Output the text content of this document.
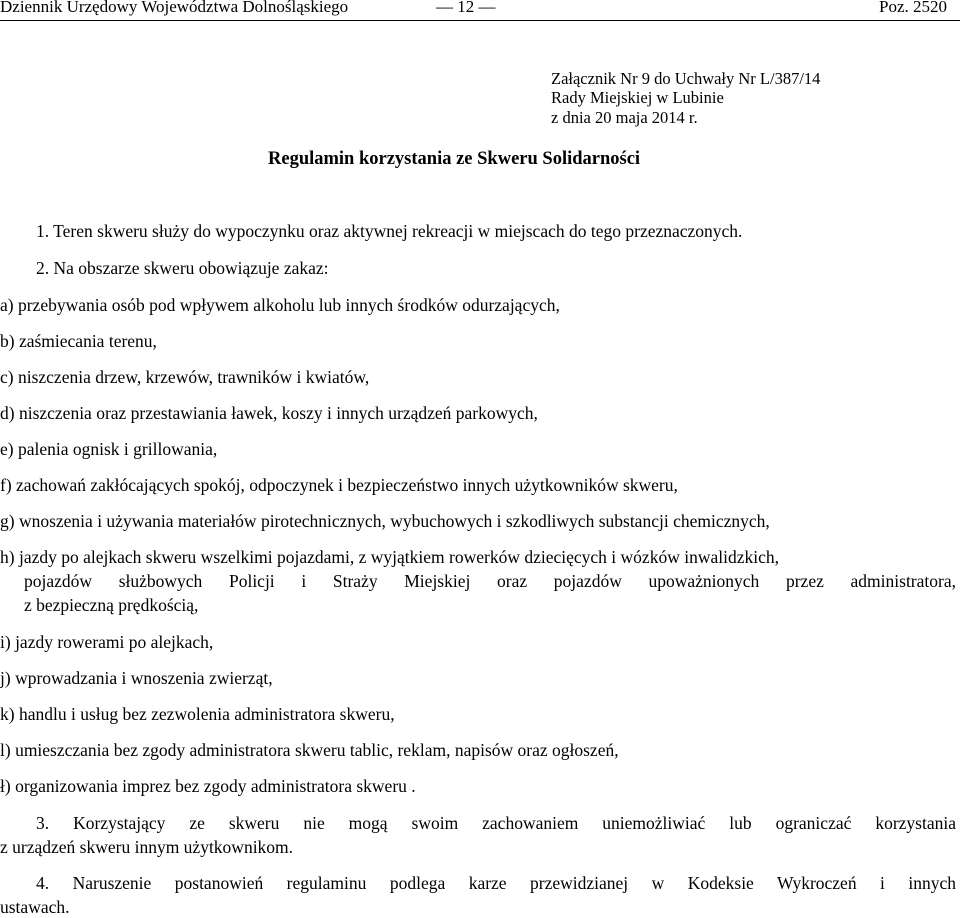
Dziennik Urzędowy Województwa Dolnośląskiego	— 12 —	Poz. 2520
Załącznik Nr 9 do Uchwały Nr L/387/14
Rady Miejskiej w Lubinie
z dnia 20 maja 2014 r.
Regulamin korzystania ze Skweru Solidarności
1. Teren skweru służy do wypoczynku oraz aktywnej rekreacji w miejscach do tego przeznaczonych.
2. Na obszarze skweru obowiązuje zakaz:
a) przebywania osób pod wpływem alkoholu lub innych środków odurzających,
b) zaśmiecania terenu,
c) niszczenia drzew, krzewów, trawników i kwiatów,
d) niszczenia oraz przestawiania ławek, koszy i innych urządzeń parkowych,
e) palenia ognisk i grillowania,
f) zachowań zakłócających spokój, odpoczynek i bezpieczeństwo innych użytkowników skweru,
g) wnoszenia i używania materiałów pirotechnicznych, wybuchowych i szkodliwych substancji chemicznych,
h) jazdy po alejkach skweru wszelkimi pojazdami, z wyjątkiem rowerków dziecięcych i wózków inwalidzkich,
pojazdów służbowych Policji i Straży Miejskiej oraz pojazdów upoważnionych przez administratora,
z bezpieczną prędkością,
i) jazdy rowerami po alejkach,
j) wprowadzania i wnoszenia zwierząt,
k) handlu i usług bez zezwolenia administratora skweru,
l) umieszczania bez zgody administratora skweru tablic, reklam, napisów oraz ogłoszeń,
ł) organizowania imprez bez zgody administratora skweru .
3. Korzystający ze skweru nie mogą swoim zachowaniem uniemożliwiać lub ograniczać korzystania
z urządzeń skweru innym użytkownikom.
4. Naruszenie postanowień regulaminu podlega karze przewidzianej w Kodeksie Wykroczeń i innych
ustawach.
